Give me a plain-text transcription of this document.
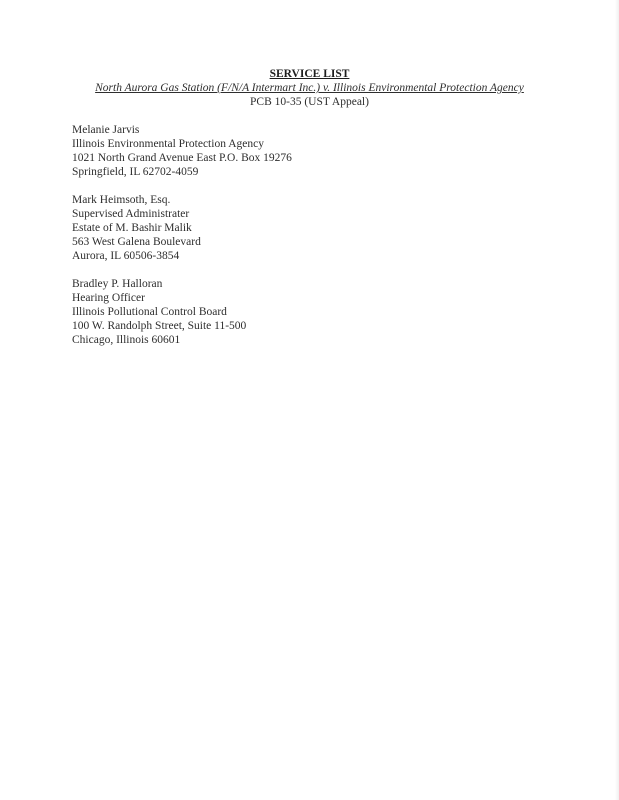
SERVICE LIST
North Aurora Gas Station (F/N/A Intermart Inc.) v. Illinois Environmental Protection Agency
PCB 10-35 (UST Appeal)
Melanie Jarvis
Illinois Environmental Protection Agency
1021 North Grand Avenue East P.O. Box 19276
Springfield, IL 62702-4059
Mark Heimsoth, Esq.
Supervised Administrater
Estate of M. Bashir Malik
563 West Galena Boulevard
Aurora, IL 60506-3854
Bradley P. Halloran
Hearing Officer
Illinois Pollutional Control Board
100 W. Randolph Street, Suite 11-500
Chicago, Illinois 60601
